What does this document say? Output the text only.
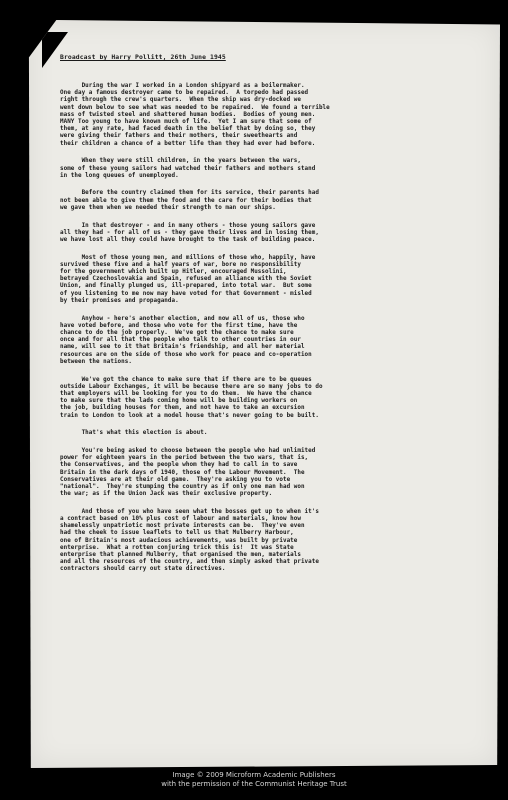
Broadcast by Harry Pollitt, 26th June 1945
During the war I worked in a London shipyard as a boilermaker.
One day a famous destroyer came to be repaired.  A torpedo had passed
right through the crew's quarters.  When the ship was dry-docked we
went down below to see what was needed to be repaired.  We found a terrible
mass of twisted steel and shattered human bodies.  Bodies of young men.
MANY Too young to have known much of life.  Yet I am sure that some of
them, at any rate, had faced death in the belief that by doing so, they
were giving their fathers and their mothers, their sweethearts and
their children a chance of a better life than they had ever had before.
When they were still children, in the years between the wars,
some of these young sailors had watched their fathers and mothers stand
in the long queues of unemployed.
Before the country claimed them for its service, their parents had
not been able to give them the food and the care for their bodies that
we gave them when we needed their strength to man our ships.
In that destroyer - and in many others - those young sailors gave
all they had - for all of us - they gave their lives and in losing them,
we have lost all they could have brought to the task of building peace.
Most of those young men, and millions of those who, happily, have
survived these five and a half years of war, bore no responsibility
for the government which built up Hitler, encouraged Mussolini,
betrayed Czechoslovakia and Spain, refused an alliance with the Soviet
Union, and finally plunged us, ill-prepared, into total war.  But some
of you listening to me now may have voted for that Government - misled
by their promises and propaganda.
Anyhow - here's another election, and now all of us, those who
have voted before, and those who vote for the first time, have the
chance to do the job properly.  We've got the chance to make sure
once and for all that the people who talk to other countries in our
name, will see to it that Britain's friendship, and all her material
resources are on the side of those who work for peace and co-operation
between the nations.
We've got the chance to make sure that if there are to be queues
outside Labour Exchanges, it will be because there are so many jobs to do
that employers will be looking for you to do them.  We have the chance
to make sure that the lads coming home will be building workers on
the job, building houses for them, and not have to take an excursion
train to London to look at a model house that's never going to be built.
That's what this election is about.
You're being asked to choose between the people who had unlimited
power for eighteen years in the period between the two wars, that is,
the Conservatives, and the people whom they had to call in to save
Britain in the dark days of 1940, those of the Labour Movement.  The
Conservatives are at their old game.  They're asking you to vote
"national".  They're stumping the country as if only one man had won
the war; as if the Union Jack was their exclusive property.
And those of you who have seen what the bosses get up to when it's
a contract based on 10% plus cost of labour and materials, know how
shamelessly unpatriotic most private interests can be.  They've even
had the cheek to issue leaflets to tell us that Mulberry Harbour,
one of Britain's most audacious achievements, was built by private
enterprise.  What a rotten conjuring trick this is!  It was State
enterprise that planned Mulberry, that organised the men, materials
and all the resources of the country, and then simply asked that private
contractors should carry out state directives.
Image © 2009 Microform Academic Publishers
with the permission of the Communist Heritage Trust
